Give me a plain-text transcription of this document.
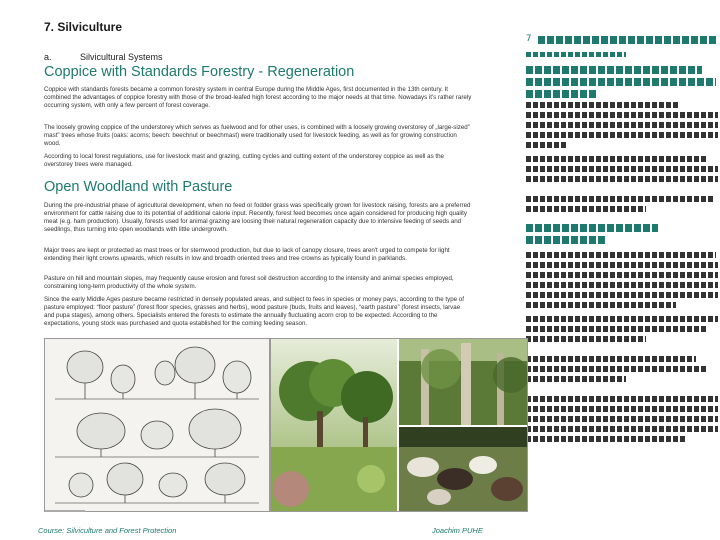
7. Silviculture
a.	Silvicultural Systems
Coppice with Standards Forestry - Regeneration

Coppice with standards forests became a common forestry system in central Europe during the Middle Ages, first documented in the 13th century. It combined the advantages of coppice forestry with those of the broad-leafed high forest according to the major needs at that time. Nowadays it's rather rarely occurring system, with only a few percent of forest coverage.

The loosely growing coppice of the understorey which serves as fuelwood and for other uses, is combined with a loosely growing overstorey of „large-sized" mast" trees whose fruits (oaks: acorns; beech: beechnut or beechmast) were traditionally used for livestock feeding, as well as for growing construction wood.

According to local forest regulations, use for livestock mast and grazing, cutting cycles and cutting extent of the understorey coppice as well as the overstorey trees were managed.

Open Woodland with Pasture

During the pre-industrial phase of agricultural development, when no feed or fodder grass was specifically grown for livestock raising, forests are a preferred environment for cattle raising due to its potential of additional calorie input. Recently, forest feed becomes once again considered for producing high quality meat (e.g. ham production). Usually, forests used for animal grazing are loosing their natural regeneration capacity due to intensive feeding of seeds and seedlings, thus turning into open woodlands with little undergrowth.

Major trees are kept or protected as mast trees or for sternwood production, but due to lack of canopy closure, trees aren't urged to compete for light extending their light crowns upwards, which results in low and broadth oriented trees and tree crowns as typically found in parklands.

Pasture on hill and mountain slopes, may frequently cause erosion and forest soil destruction according to the intensity and animal species employed, constraining long-term productivity of the whole system.

Since the early Middle Ages pasture became restricted in densely populated areas, and subject to fees in species or money pays, according to the type of pasture employed: “floor pasture” (forest floor species, grasses and herbs), wood pasture (buds, fruits and leaves), “earth pasture” (forest insects, larvae and pupa stages), among others. Specialists entered the forests to estimate the annually fluctuating acorn crop to be expected. According to the expectations, young stock was purchased and quota established for the coming feeding season.

7
Course: Silviculture and Forest Protection	Joachim PUHE
